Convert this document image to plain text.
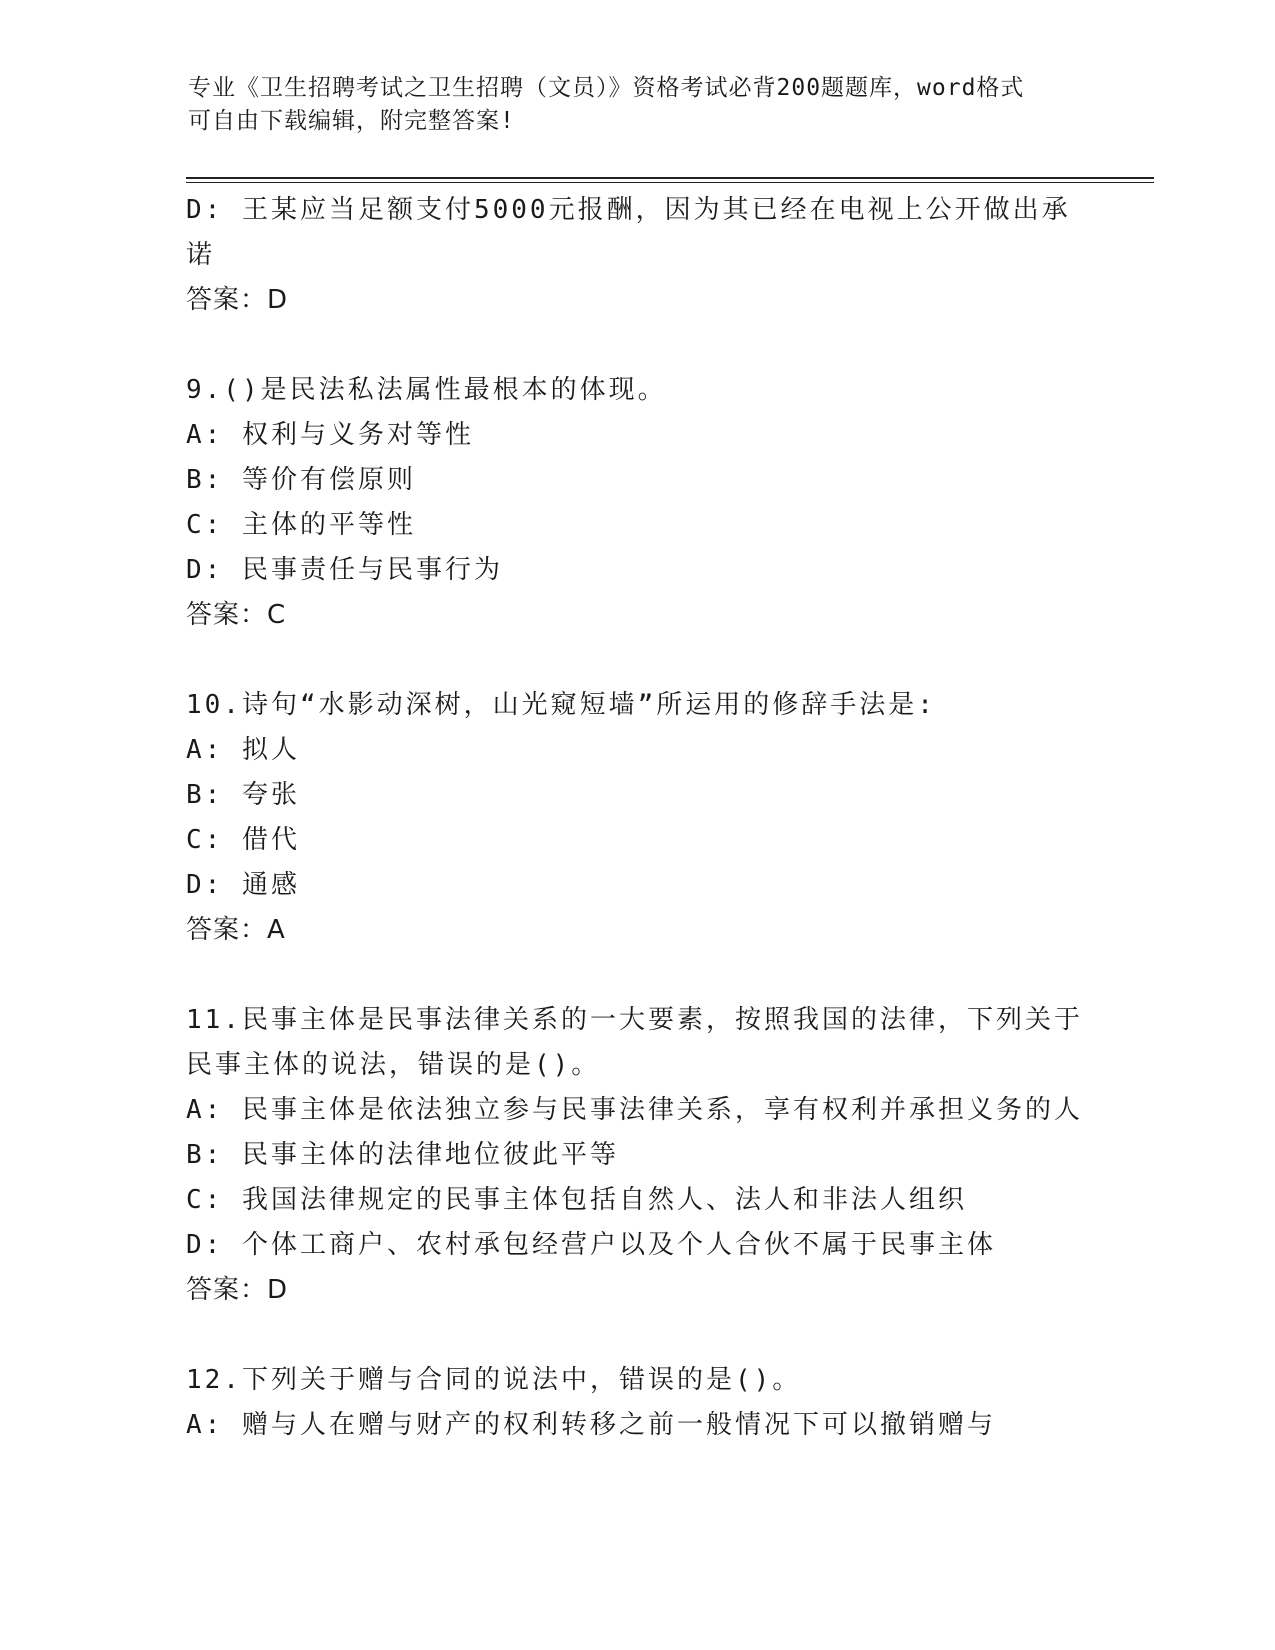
专业《卫生招聘考试之卫生招聘（文员）》资格考试必背200题题库，word格式
可自由下载编辑，附完整答案!
D: 王某应当足额支付5000元报酬，因为其已经在电视上公开做出承
诺
答案：D
9.()是民法私法属性最根本的体现。
A: 权利与义务对等性
B: 等价有偿原则
C: 主体的平等性
D: 民事责任与民事行为
答案：C
10.诗句“水影动深树，山光窥短墙”所运用的修辞手法是:
A: 拟人
B: 夸张
C: 借代
D: 通感
答案：A
11.民事主体是民事法律关系的一大要素，按照我国的法律，下列关于
民事主体的说法，错误的是()。
A: 民事主体是依法独立参与民事法律关系，享有权利并承担义务的人
B: 民事主体的法律地位彼此平等
C: 我国法律规定的民事主体包括自然人、法人和非法人组织
D: 个体工商户、农村承包经营户以及个人合伙不属于民事主体
答案：D
12.下列关于赠与合同的说法中，错误的是()。
A: 赠与人在赠与财产的权利转移之前一般情况下可以撤销赠与
